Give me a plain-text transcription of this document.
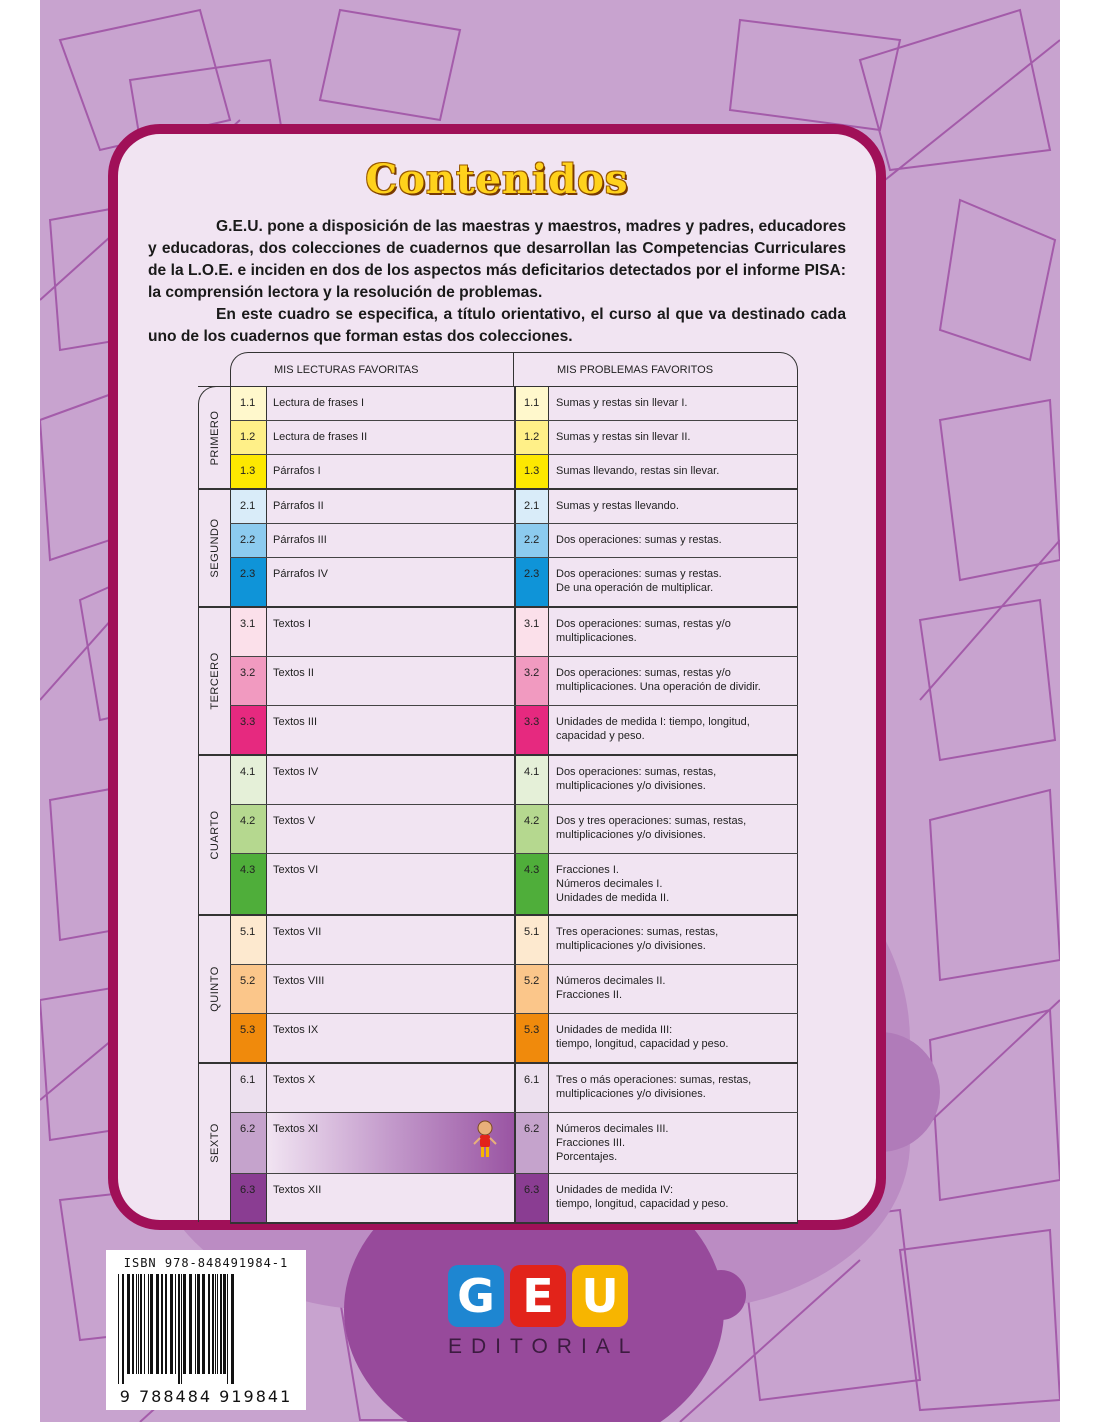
Contenidos

G.E.U. pone a disposición de las maestras y maestros, madres y padres, educadores y educadoras, dos colecciones de cuadernos que desarrollan las Competencias Curriculares de la L.O.E. e inciden en dos de los aspectos más deficitarios detectados por el informe PISA: la comprensión lectora y la resolución de problemas.

En este cuadro se especifica, a título orientativo, el curso al que va destinado cada uno de los cuadernos que forman estas dos colecciones.

MIS LECTURAS FAVORITAS	MIS PROBLEMAS FAVORITOS
PRIMERO
1.1	Lectura de frases I	1.1	Sumas y restas sin llevar I.
1.2	Lectura de frases II	1.2	Sumas y restas sin llevar II.
1.3	Párrafos I	1.3	Sumas llevando, restas sin llevar.
SEGUNDO
2.1	Párrafos II	2.1	Sumas y restas llevando.
2.2	Párrafos III	2.2	Dos operaciones: sumas y restas.
2.3	Párrafos IV	2.3	Dos operaciones: sumas y restas.
De una operación de multiplicar.
TERCERO
3.1	Textos I	3.1	Dos operaciones: sumas, restas y/o
multiplicaciones.
3.2	Textos II	3.2	Dos operaciones: sumas, restas y/o
multiplicaciones. Una operación de dividir.
3.3	Textos III	3.3	Unidades de medida I: tiempo, longitud,
capacidad y peso.
CUARTO
4.1	Textos IV	4.1	Dos operaciones: sumas, restas,
multiplicaciones y/o divisiones.
4.2	Textos V	4.2	Dos y tres operaciones: sumas, restas,
multiplicaciones y/o divisiones.
4.3	Textos VI	4.3	Fracciones I.
Números decimales I.
Unidades de medida II.
QUINTO
5.1	Textos VII	5.1	Tres operaciones: sumas, restas,
multiplicaciones y/o divisiones.
5.2	Textos VIII	5.2	Números decimales II.
Fracciones II.
5.3	Textos IX	5.3	Unidades de medida III:
tiempo, longitud, capacidad y peso.
SEXTO
6.1	Textos X	6.1	Tres o más operaciones: sumas, restas,
multiplicaciones y/o divisiones.
6.2	Textos XI	6.2	Números decimales III.
Fracciones III.
Porcentajes.
6.3	Textos XII	6.3	Unidades de medida IV:
tiempo, longitud, capacidad y peso.
ISBN 978-848491984-1
9 788484 919841
G E U
EDITORIAL
